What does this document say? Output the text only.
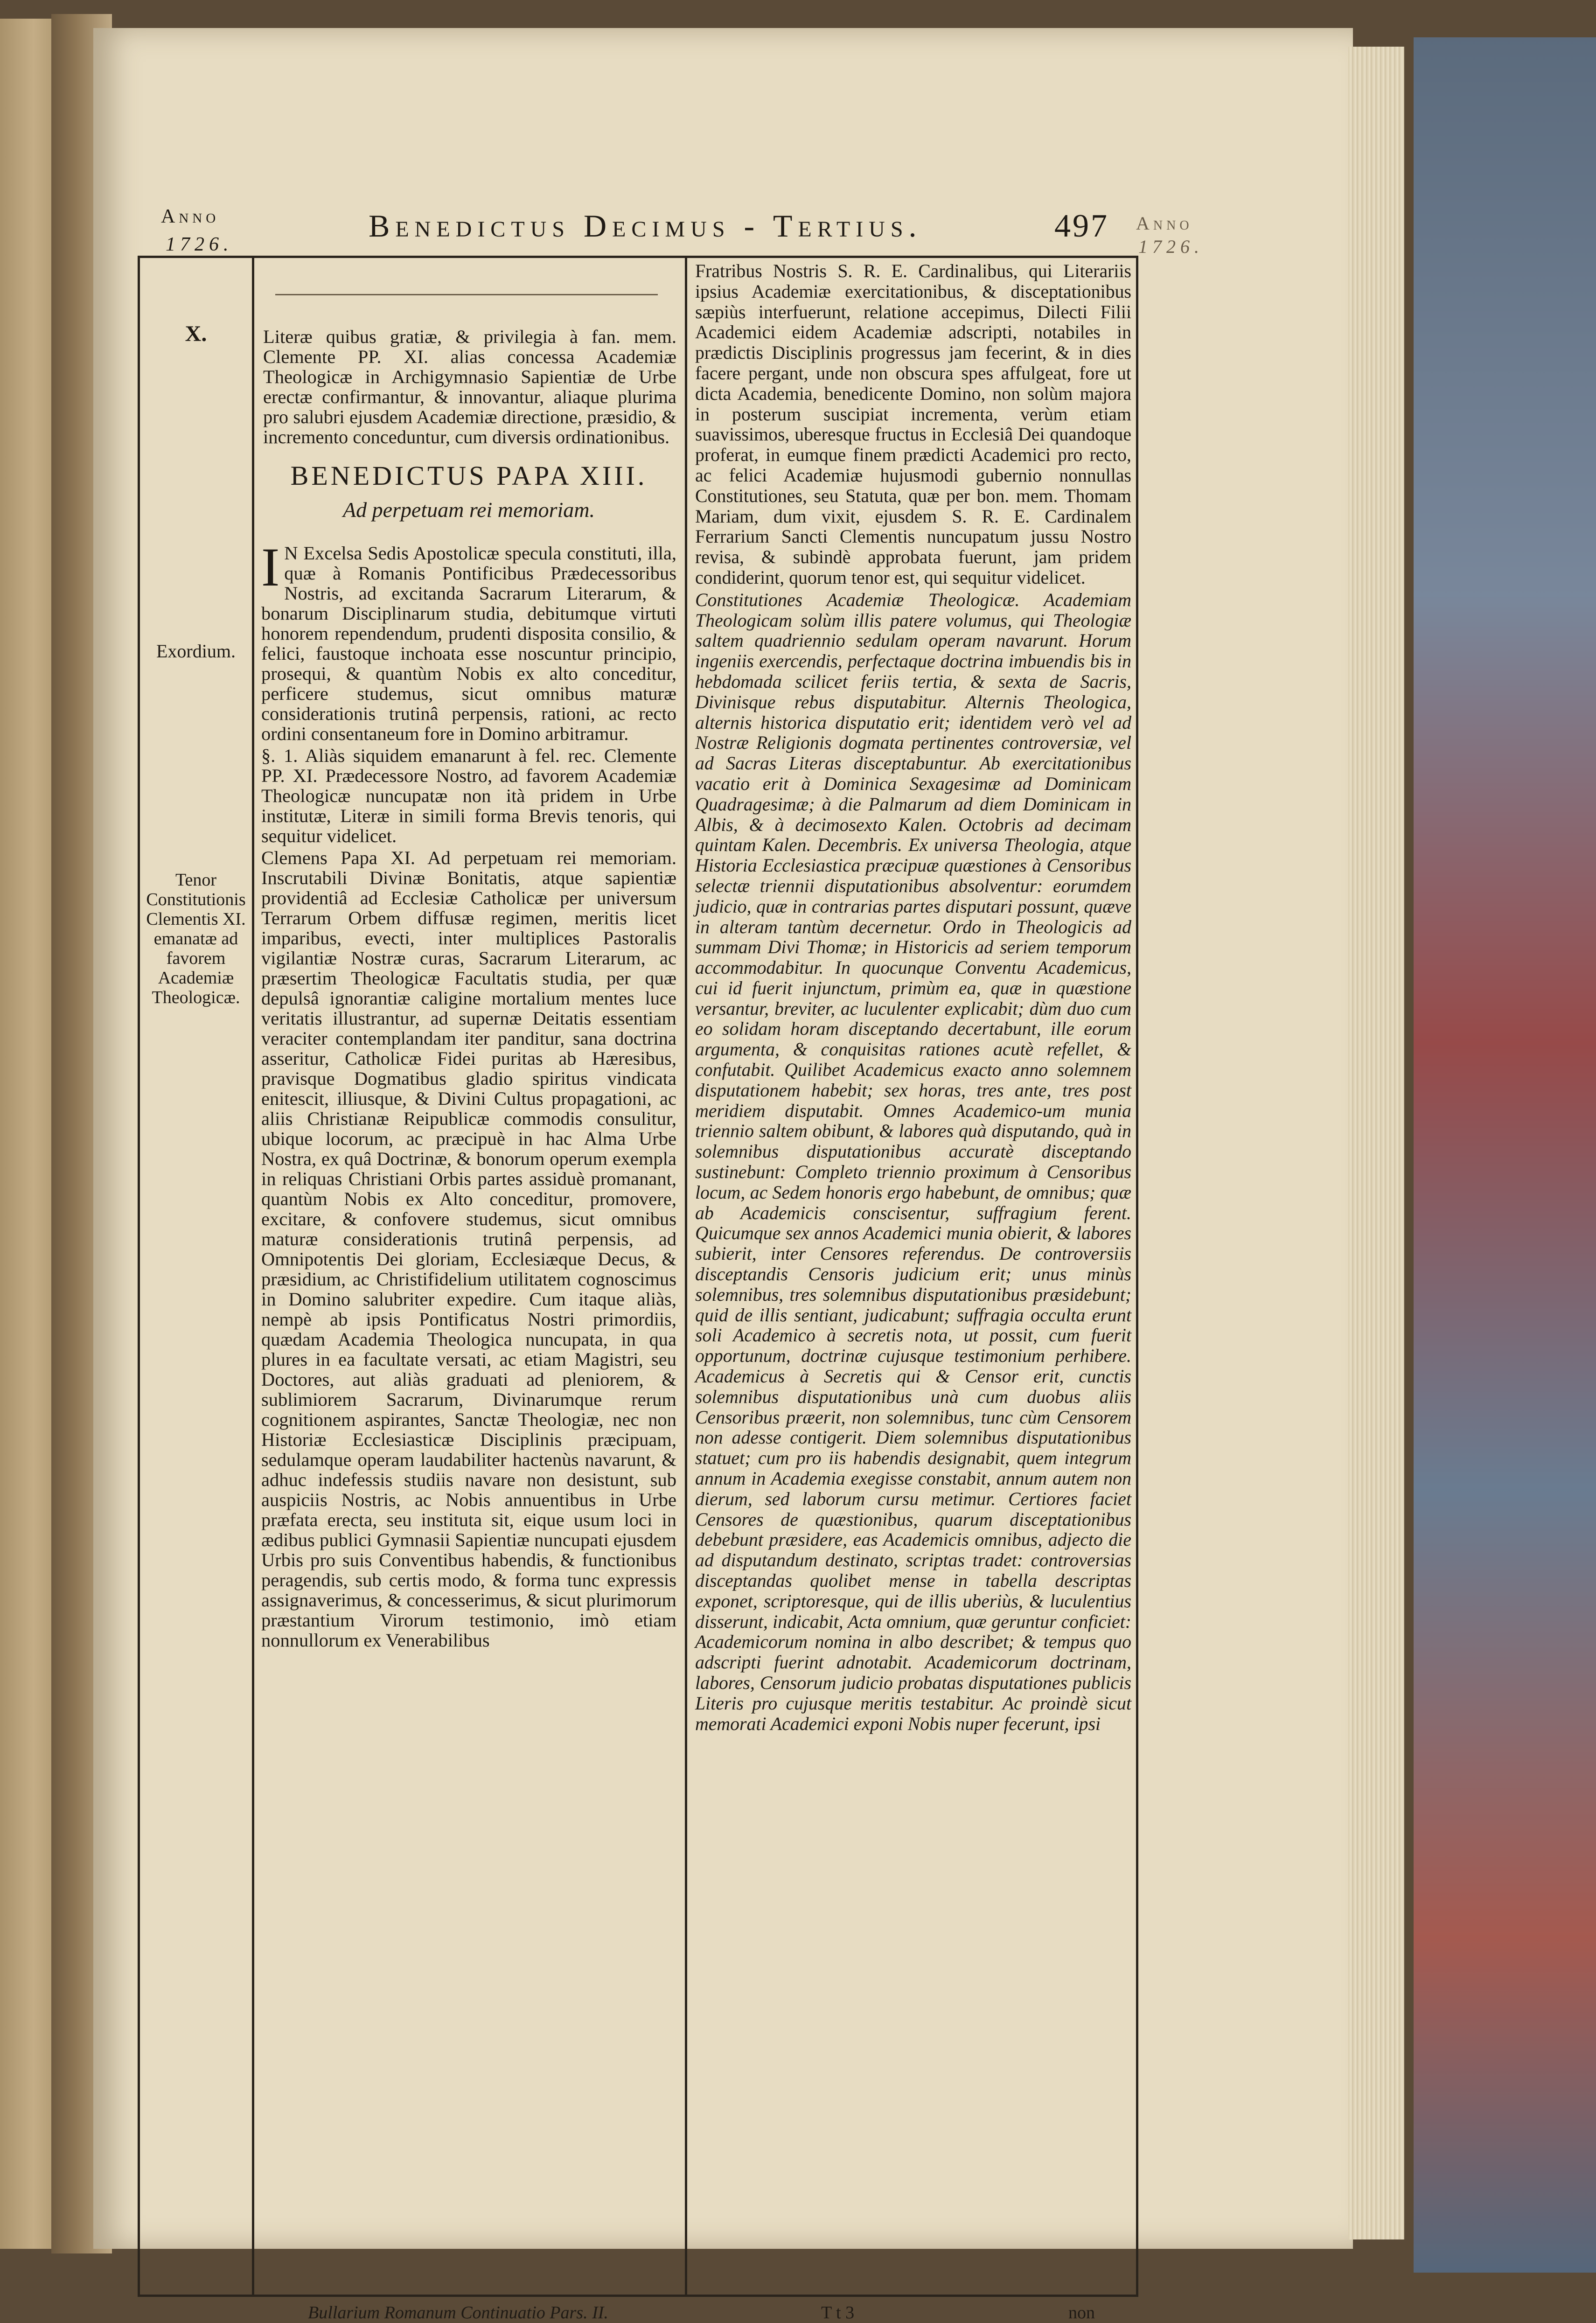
Anno
1726.
Benedictus Decimus - Tertius.	497 Anno
1726.
X.
Exordium.
Tenor Constitutionis Clementis XI. emanatæ ad favorem Academiæ Theologicæ.

Literæ quibus gratiæ, & privilegia à fan. mem. Clemente PP. XI. alias concessa Academiæ Theologicæ in Archigymnasio Sapientiæ de Urbe erectæ confirmantur, & innovantur, aliaque plurima pro salubri ejusdem Academiæ directione, præsidio, & incremento conceduntur, cum diversis ordinationibus.

BENEDICTUS PAPA XIII.

Ad perpetuam rei memoriam.

I N Excelsa Sedis Apostolicæ specula constituti, illa, quæ à Romanis Pontificibus Prædecessoribus Nostris, ad excitanda Sacrarum Literarum, & bonarum Disciplinarum studia, debitumque virtuti honorem rependendum, prudenti disposita consilio, & felici, faustoque inchoata esse noscuntur principio, prosequi, & quantùm Nobis ex alto conceditur, perficere studemus, sicut omnibus maturæ considerationis trutinâ perpensis, rationi, ac recto ordini consentaneum fore in Domino arbitramur.

§. 1. Aliàs siquidem emanarunt à fel. rec. Clemente PP. XI. Prædecessore Nostro, ad favorem Academiæ Theologicæ nuncupatæ non ità pridem in Urbe institutæ, Literæ in simili forma Brevis tenoris, qui sequitur videlicet.

Clemens Papa XI. Ad perpetuam rei memoriam. Inscrutabili Divinæ Bonitatis, atque sapientiæ providentiâ ad Ecclesiæ Catholicæ per universum Terrarum Orbem diffusæ regimen, meritis licet imparibus, evecti, inter multiplices Pastoralis vigilantiæ Nostræ curas, Sacrarum Literarum, ac præsertim Theologicæ Facultatis studia, per quæ depulsâ ignorantiæ caligine mortalium mentes luce veritatis illustrantur, ad supernæ Deitatis essentiam veraciter contemplandam iter panditur, sana doctrina asseritur, Catholicæ Fidei puritas ab Hæresibus, pravisque Dogmatibus gladio spiritus vindicata enitescit, illiusque, & Divini Cultus propagationi, ac aliis Christianæ Reipublicæ commodis consulitur, ubique locorum, ac præcipuè in hac Alma Urbe Nostra, ex quâ Doctrinæ, & bonorum operum exempla in reliquas Christiani Orbis partes assiduè promanant, quantùm Nobis ex Alto conceditur, promovere, excitare, & confovere studemus, sicut omnibus maturæ considerationis trutinâ perpensis, ad Omnipotentis Dei gloriam, Ecclesiæque Decus, & præsidium, ac Christifidelium utilitatem cognoscimus in Domino salubriter expedire. Cum itaque aliàs, nempè ab ipsis Pontificatus Nostri primordiis, quædam Academia Theologica nuncupata, in qua plures in ea facultate versati, ac etiam Magistri, seu Doctores, aut aliàs graduati ad pleniorem, & sublimiorem Sacrarum, Divinarumque rerum cognitionem aspirantes, Sanctæ Theologiæ, nec non Historiæ Ecclesiasticæ Disciplinis præcipuam, sedulamque operam laudabiliter hactenùs navarunt, & adhuc indefessis studiis navare non desistunt, sub auspiciis Nostris, ac Nobis annuentibus in Urbe præfata erecta, seu instituta sit, eique usum loci in ædibus publici Gymnasii Sapientiæ nuncupati ejusdem Urbis pro suis Conventibus habendis, & functionibus peragendis, sub certis modo, & forma tunc expressis assignaverimus, & concesserimus, & sicut plurimorum præstantium Virorum testimonio, imò etiam nonnullorum ex Venerabilibus

Fratribus Nostris S. R. E. Cardinalibus, qui Literariis ipsius Academiæ exercitationibus, & disceptationibus sæpiùs interfuerunt, relatione accepimus, Dilecti Filii Academici eidem Academiæ adscripti, notabiles in prædictis Disciplinis progressus jam fecerint, & in dies facere pergant, unde non obscura spes affulgeat, fore ut dicta Academia, benedicente Domino, non solùm majora in posterum suscipiat incrementa, verùm etiam suavissimos, uberesque fructus in Ecclesiâ Dei quandoque proferat, in eumque finem prædicti Academici pro recto, ac felici Academiæ hujusmodi gubernio nonnullas Constitutiones, seu Statuta, quæ per bon. mem. Thomam Mariam, dum vixit, ejusdem S. R. E. Cardinalem Ferrarium Sancti Clementis nuncupatum jussu Nostro revisa, & subindè approbata fuerunt, jam pridem condiderint, quorum tenor est, qui sequitur videlicet.

Constitutiones Academiæ Theologicæ. Academiam Theologicam solùm illis patere volumus, qui Theologiæ saltem quadriennio sedulam operam navarunt. Horum ingeniis exercendis, perfectaque doctrina imbuendis bis in hebdomada scilicet feriis tertia, & sexta de Sacris, Divinisque rebus disputabitur. Alternis Theologica, alternis historica disputatio erit; identidem verò vel ad Nostræ Religionis dogmata pertinentes controversiæ, vel ad Sacras Literas disceptabuntur. Ab exercitationibus vacatio erit à Dominica Sexagesimæ ad Dominicam Quadragesimæ; à die Palmarum ad diem Dominicam in Albis, & à decimosexto Kalen. Octobris ad decimam quintam Kalen. Decembris. Ex universa Theologia, atque Historia Ecclesiastica præcipuæ quæstiones à Censoribus selectæ triennii disputationibus absolventur: eorumdem judicio, quæ in contrarias partes disputari possunt, quæve in alteram tantùm decernetur. Ordo in Theologicis ad summam Divi Thomæ; in Historicis ad seriem temporum accommodabitur. In quocunque Conventu Academicus, cui id fuerit injunctum, primùm ea, quæ in quæstione versantur, breviter, ac luculenter explicabit; dùm duo cum eo solidam horam disceptando decertabunt, ille eorum argumenta, & conquisitas rationes acutè refellet, & confutabit. Quilibet Academicus exacto anno solemnem disputationem habebit; sex horas, tres ante, tres post meridiem disputabit. Omnes Academico-um munia triennio saltem obibunt, & labores quà disputando, quà in solemnibus disputationibus accuratè disceptando sustinebunt: Completo triennio proximum à Censoribus locum, ac Sedem honoris ergo habebunt, de omnibus; quæ ab Academicis conscisentur, suffragium ferent. Quicumque sex annos Academici munia obierit, & labores subierit, inter Censores referendus. De controversiis disceptandis Censoris judicium erit; unus minùs solemnibus, tres solemnibus disputationibus præsidebunt; quid de illis sentiant, judicabunt; suffragia occulta erunt soli Academico à secretis nota, ut possit, cum fuerit opportunum, doctrinæ cujusque testimonium perhibere. Academicus à Secretis qui & Censor erit, cunctis solemnibus disputationibus unà cum duobus aliis Censoribus præerit, non solemnibus, tunc cùm Censorem non adesse contigerit. Diem solemnibus disputationibus statuet; cum pro iis habendis designabit, quem integrum annum in Academia exegisse constabit, annum autem non dierum, sed laborum cursu metimur. Certiores faciet Censores de quæstionibus, quarum disceptationibus debebunt præsidere, eas Academicis omnibus, adjecto die ad disputandum destinato, scriptas tradet: controversias disceptandas quolibet mense in tabella descriptas exponet, scriptoresque, qui de illis uberiùs, & luculentius disserunt, indicabit, Acta omnium, quæ geruntur conficiet: Academicorum nomina in albo describet; & tempus quo adscripti fuerint adnotabit. Academicorum doctrinam, labores, Censorum judicio probatas disputationes publicis Literis pro cujusque meritis testabitur. Ac proindè sicut memorati Academici exponi Nobis nuper fecerunt, ipsi

Bullarium Romanum Continuatio Pars. II.	T t 3	non
